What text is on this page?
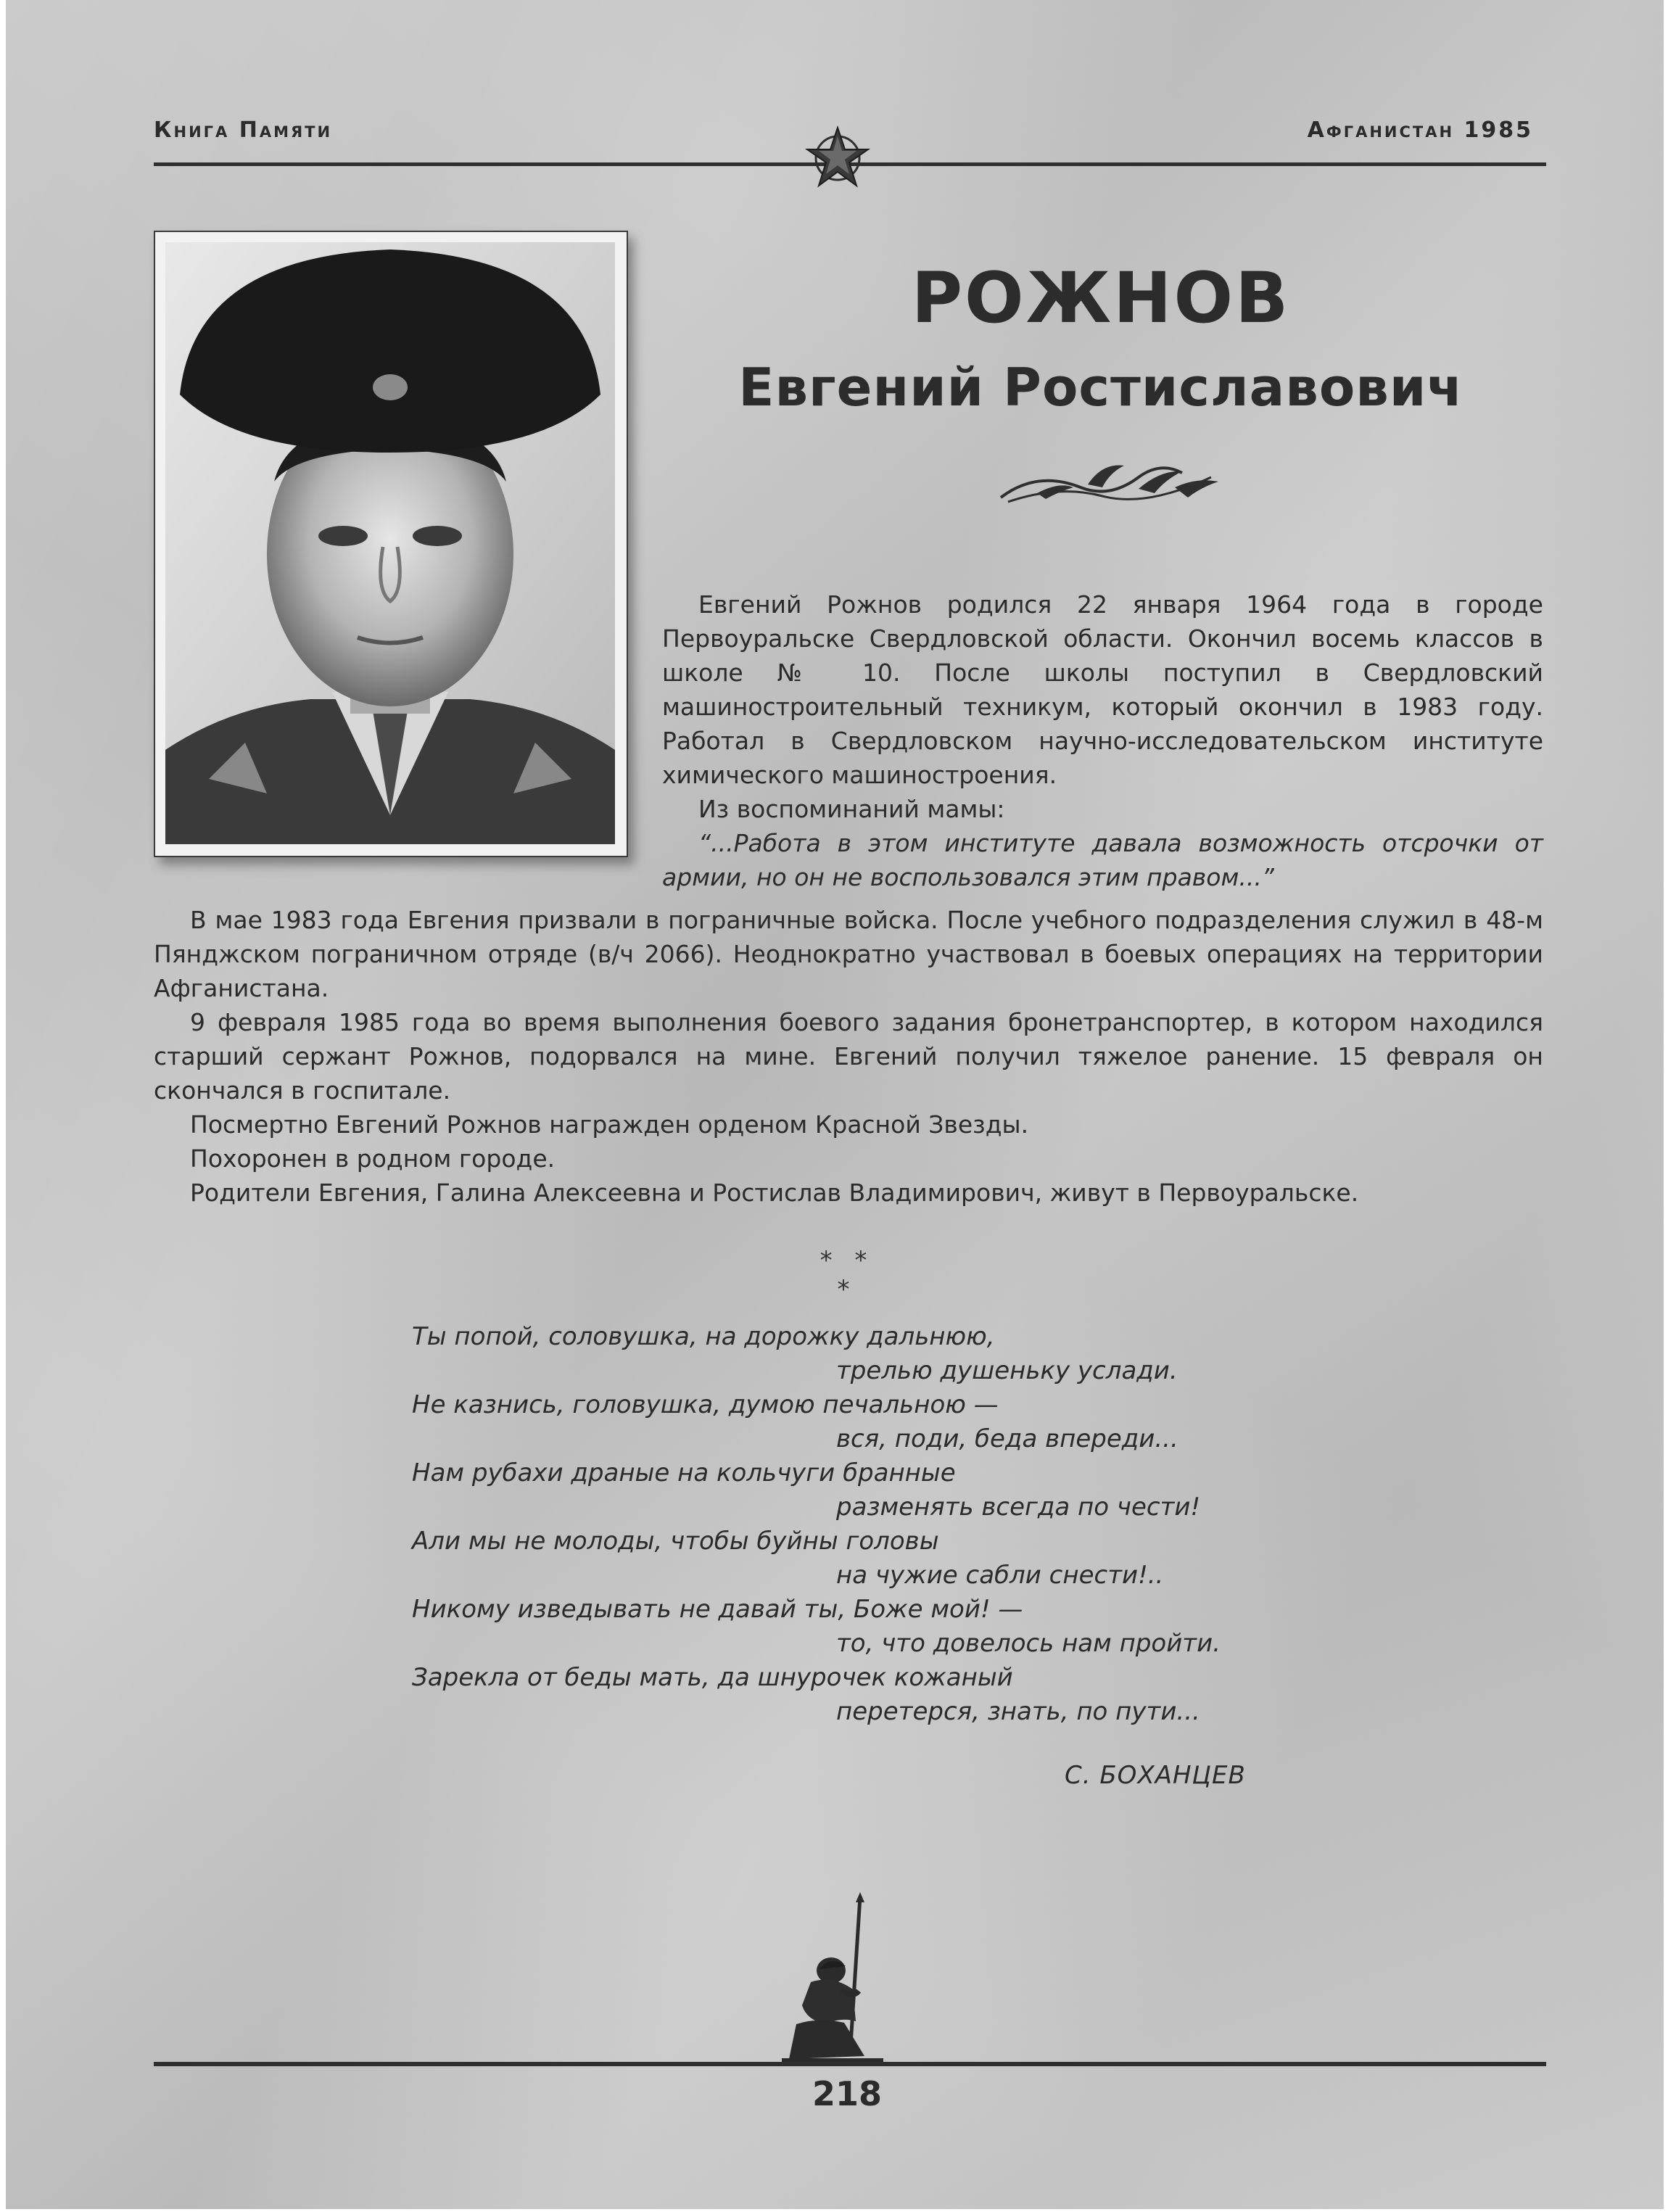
Книга Памяти	Афганистан 1985
РОЖНОВ
Евгений Ростиславович

Евгений Рожнов родился 22 января 1964 года в городе Первоуральске Свердловской области. Окончил восемь классов в школе № 10. После школы поступил в Свердловский машиностроительный техникум, который окончил в 1983 году. Работал в Свердловском научно-исследовательском институте химического машиностроения.

Из воспоминаний мамы:

“...Работа в этом институте давала возможность отсрочки от армии, но он не воспользовался этим правом...”

В мае 1983 года Евгения призвали в пограничные войска. После учебного подразделения служил в 48-м Пянджском пограничном отряде (в/ч 2066). Неоднократно участвовал в боевых операциях на территории Афганистана.

9 февраля 1985 года во время выполнения боевого задания бронетранспортер, в котором находился старший сержант Рожнов, подорвался на мине. Евгений получил тяжелое ранение. 15 февраля он скончался в госпитале.

Посмертно Евгений Рожнов награжден орденом Красной Звезды.

Похоронен в родном городе.

Родители Евгения, Галина Алексеевна и Ростислав Владимирович, живут в Первоуральске.

* * *
Ты попой, соловушка, на дорожку дальнюю,
трелью душеньку услади.
Не казнись, головушка, думою печальною —
вся, поди, беда впереди...
Нам рубахи драные на кольчуги бранные
разменять всегда по чести!
Али мы не молоды, чтобы буйны головы
на чужие сабли снести!..
Никому изведывать не давай ты, Боже мой! —
то, что довелось нам пройти.
Зарекла от беды мать, да шнурочек кожаный
перетерся, знать, по пути...
С. БОХАНЦЕВ
218
